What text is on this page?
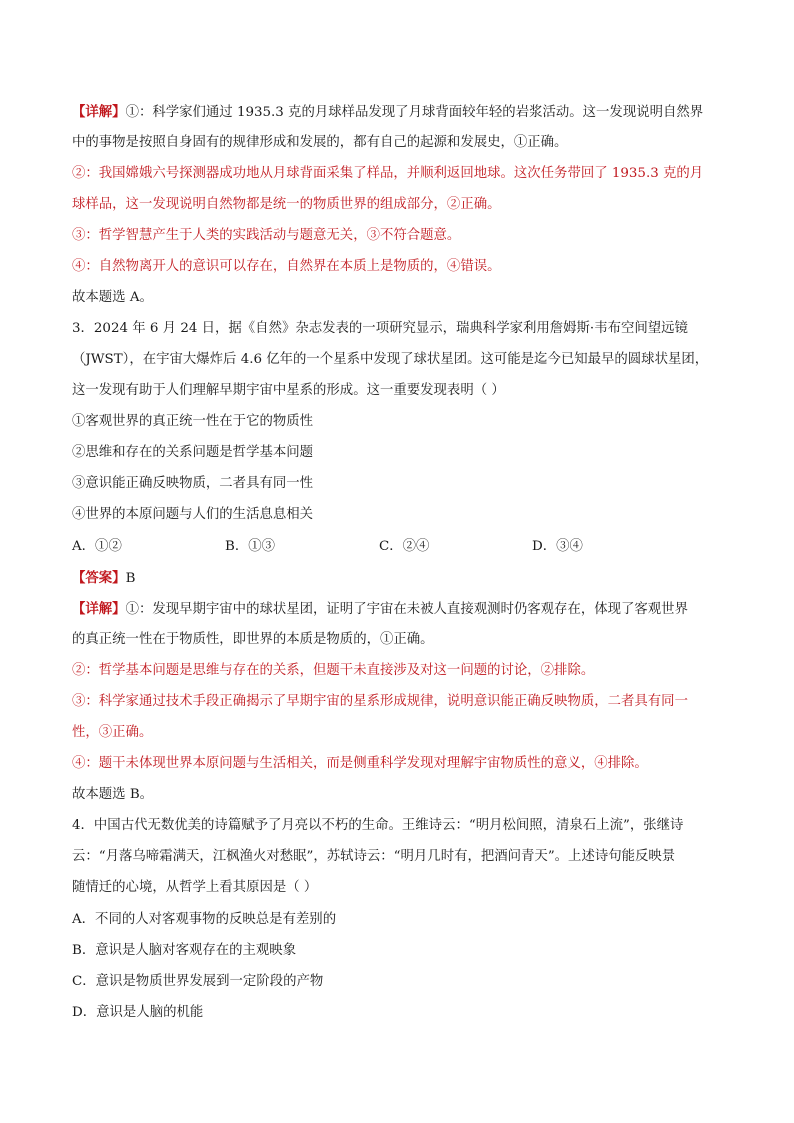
【详解】①：科学家们通过 1935.3 克的月球样品发现了月球背面较年轻的岩浆活动。这一发现说明自然界
中的事物是按照自身固有的规律形成和发展的，都有自己的起源和发展史，①正确。
②：我国嫦娥六号探测器成功地从月球背面采集了样品，并顺利返回地球。这次任务带回了 1935.3 克的月
球样品，这一发现说明自然物都是统一的物质世界的组成部分，②正确。
③：哲学智慧产生于人类的实践活动与题意无关，③不符合题意。
④：自然物离开人的意识可以存在，自然界在本质上是物质的，④错误。
故本题选 A。
3．2024 年 6 月 24 日，据《自然》杂志发表的一项研究显示，瑞典科学家利用詹姆斯·韦布空间望远镜
（JWST），在宇宙大爆炸后 4.6 亿年的一个星系中发现了球状星团。这可能是迄今已知最早的圆球状星团，
这一发现有助于人们理解早期宇宙中星系的形成。这一重要发现表明（ ）
①客观世界的真正统一性在于它的物质性
②思维和存在的关系问题是哲学基本问题
③意识能正确反映物质，二者具有同一性
④世界的本原问题与人们的生活息息相关
A．①②	B．①③	C．②④	D．③④
【答案】B
【详解】①：发现早期宇宙中的球状星团，证明了宇宙在未被人直接观测时仍客观存在，体现了客观世界
的真正统一性在于物质性，即世界的本质是物质的，①正确。
②：哲学基本问题是思维与存在的关系，但题干未直接涉及对这一问题的讨论，②排除。
③：科学家通过技术手段正确揭示了早期宇宙的星系形成规律，说明意识能正确反映物质，二者具有同一
性，③正确。
④：题干未体现世界本原问题与生活相关，而是侧重科学发现对理解宇宙物质性的意义，④排除。
故本题选 B。
4．中国古代无数优美的诗篇赋予了月亮以不朽的生命。王维诗云：“明月松间照，清泉石上流”，张继诗
云：“月落乌啼霜满天，江枫渔火对愁眠”，苏轼诗云：“明月几时有，把酒问青天”。上述诗句能反映景
随情迁的心境，从哲学上看其原因是（ ）
A．不同的人对客观事物的反映总是有差别的
B．意识是人脑对客观存在的主观映象
C．意识是物质世界发展到一定阶段的产物
D．意识是人脑的机能
